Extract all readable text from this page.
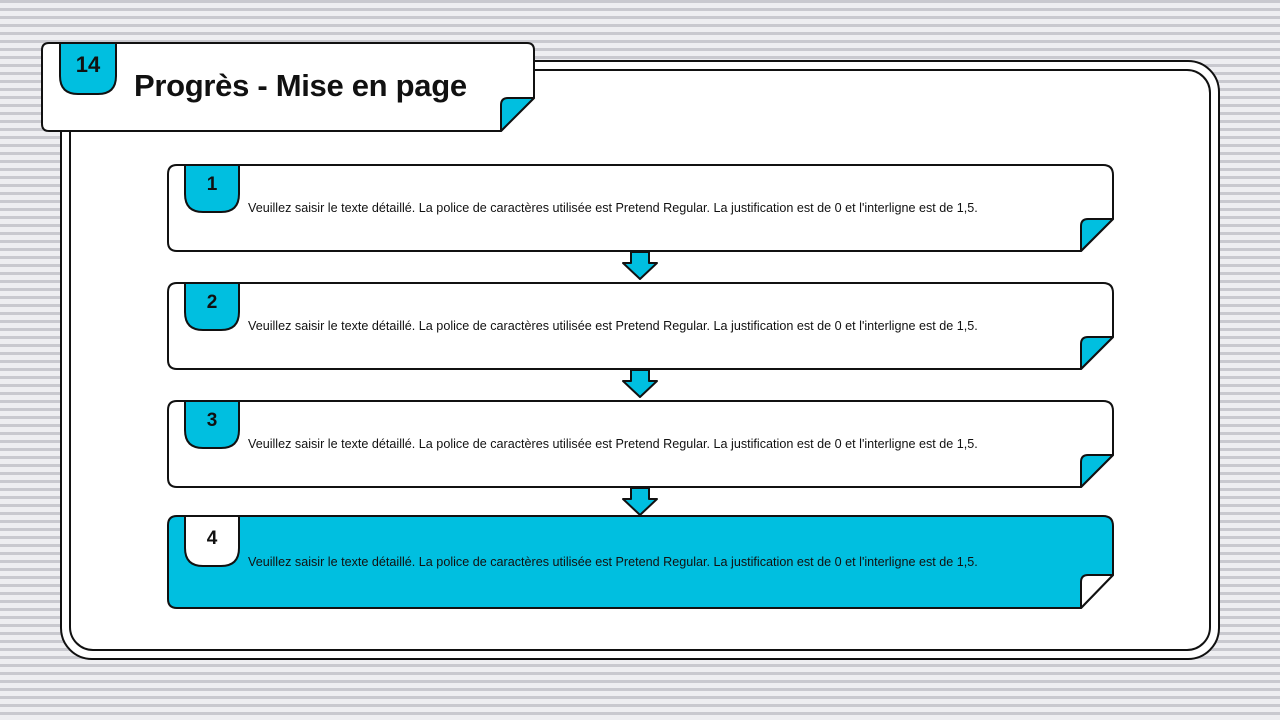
14
Progrès - Mise en page
1
Veuillez saisir le texte détaillé. La police de caractères utilisée est Pretend Regular. La justification est de 0 et l'interligne est de 1,5.
2
Veuillez saisir le texte détaillé. La police de caractères utilisée est Pretend Regular. La justification est de 0 et l'interligne est de 1,5.
3
Veuillez saisir le texte détaillé. La police de caractères utilisée est Pretend Regular. La justification est de 0 et l'interligne est de 1,5.
4
Veuillez saisir le texte détaillé. La police de caractères utilisée est Pretend Regular. La justification est de 0 et l'interligne est de 1,5.
